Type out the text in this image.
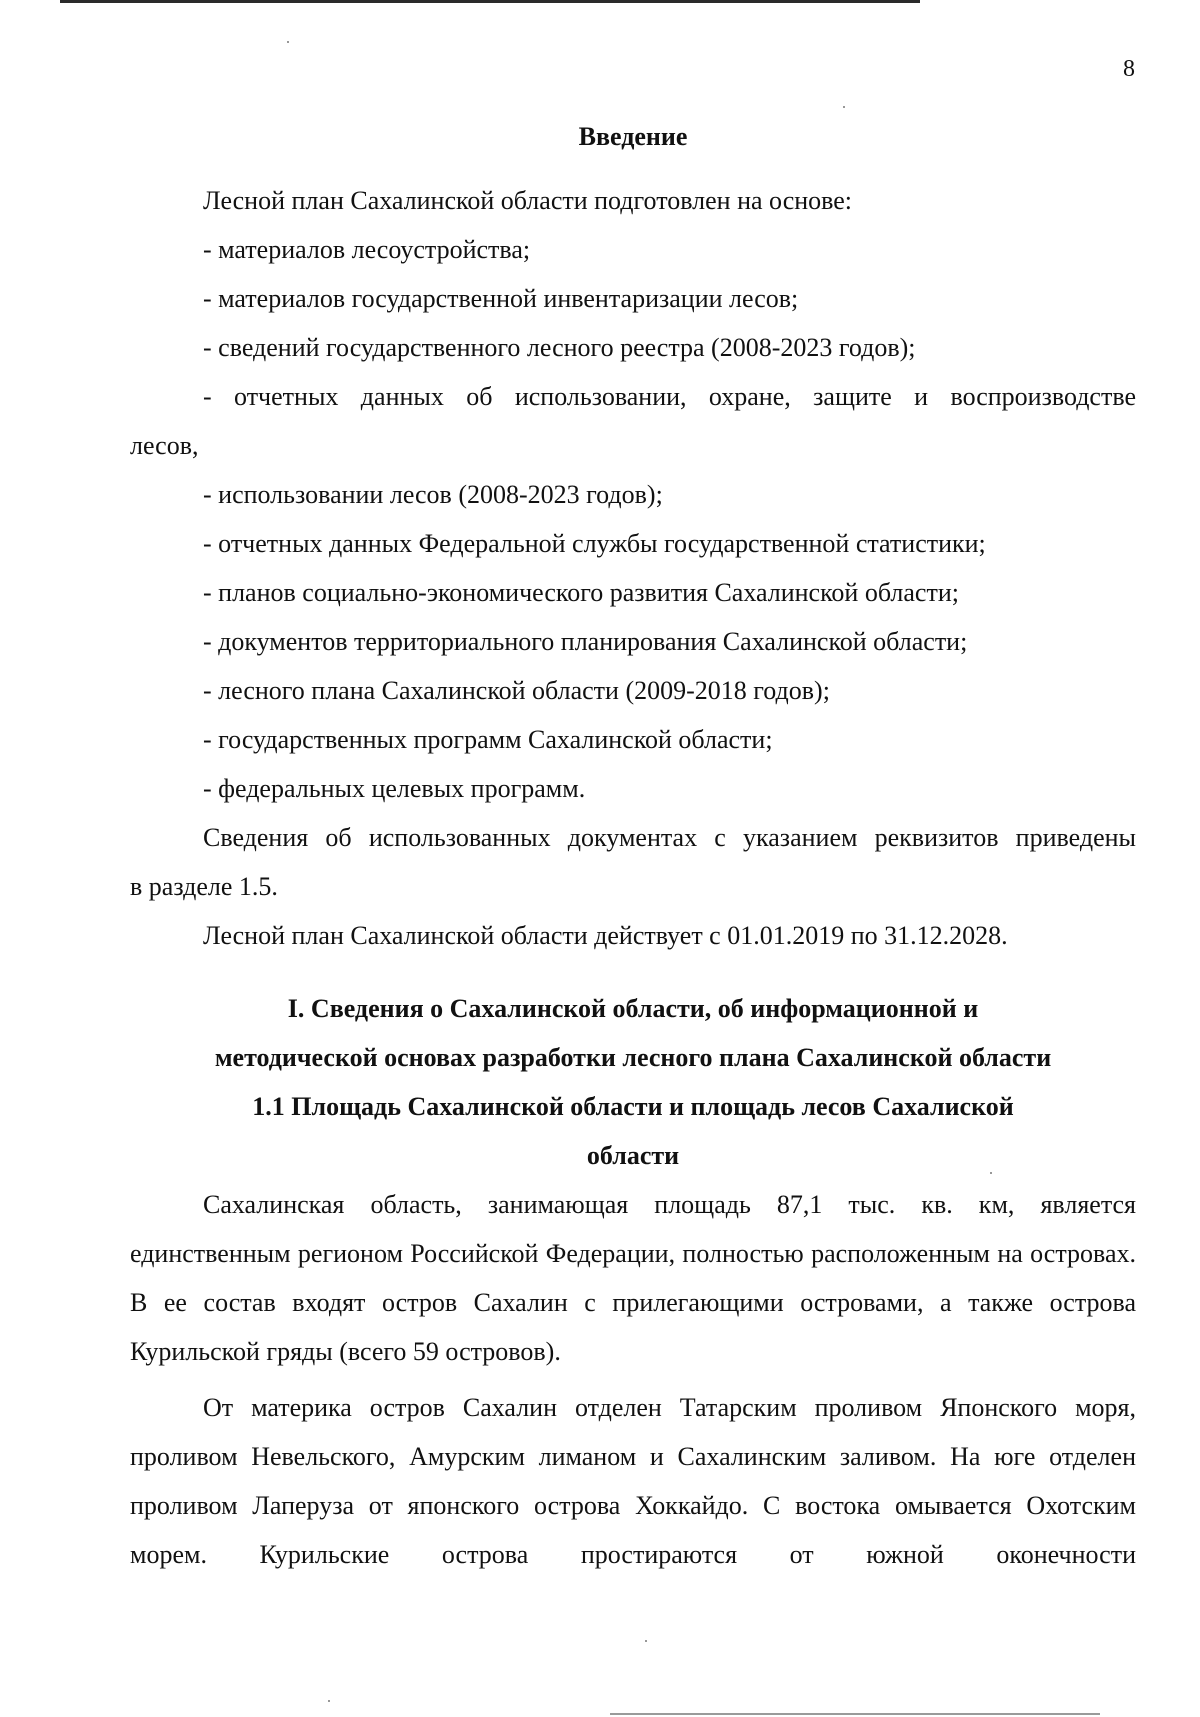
8

Введение

Лесной план Сахалинской области подготовлен на основе:

- материалов лесоустройства;

- материалов государственной инвентаризации лесов;

- сведений государственного лесного реестра (2008-2023 годов);

- отчетных данных об использовании, охране, защите и воспроизводстве

лесов,

- использовании лесов (2008-2023 годов);

- отчетных данных Федеральной службы государственной статистики;

- планов социально-экономического развития Сахалинской области;

- документов территориального планирования Сахалинской области;

- лесного плана Сахалинской области (2009-2018 годов);

- государственных программ Сахалинской области;

- федеральных целевых программ.

Сведения об использованных документах с указанием реквизитов приведены

в разделе 1.5.

Лесной план Сахалинской области действует с 01.01.2019 по 31.12.2028.

I. Сведения о Сахалинской области, об информационной и

методической основах разработки лесного плана Сахалинской области

1.1 Площадь Сахалинской области и площадь лесов Сахалиской
области

Сахалинская область, занимающая площадь 87,1 тыс. кв. км, является единственным регионом Российской Федерации, полностью расположенным на островах. В ее состав входят остров Сахалин с прилегающими островами, а также острова Курильской гряды (всего 59 островов).

От материка остров Сахалин отделен Татарским проливом Японского моря, проливом Невельского, Амурским лиманом и Сахалинским заливом. На юге отделен проливом Лаперуза от японского острова Хоккайдо. С востока омывается Охотским морем. Курильские острова простираются от южной оконечности
